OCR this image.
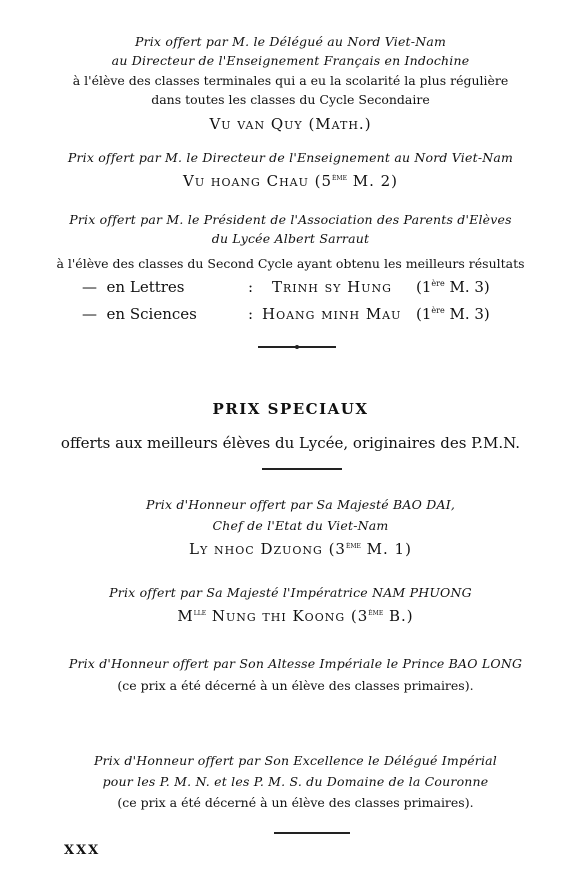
Prix offert par M. le Délégué au Nord Viet-Nam
au Directeur de l'Enseignement Français en Indochine
à l'élève des classes terminales qui a eu la scolarité la plus régulière
dans toutes les classes du Cycle Secondaire
Vu van Quy (Math.)
Prix offert par M. le Directeur de l'Enseignement au Nord Viet-Nam
Vu hoang Chau (5ème M. 2)
Prix offert par M. le Président de l'Association des Parents d'Elèves
du Lycée Albert Sarraut
à l'élève des classes du Second Cycle ayant obtenu les meilleurs résultats
— en Lettres	: Trinh sy Hung (1ère M. 3)
— en Sciences	: Hoang minh Mau (1ère M. 3)
PRIX SPECIAUX
offerts aux meilleurs élèves du Lycée, originaires des P.M.N.
Prix d'Honneur offert par Sa Majesté BAO DAI,
Chef de l'Etat du Viet-Nam
Ly nhoc Dzuong (3ème M. 1)
Prix offert par Sa Majesté l'Impératrice NAM PHUONG
$M^{lle}$ Nung thi Koong (3ème B.)
Prix d'Honneur offert par Son Altesse Impériale le Prince BAO LONG
(ce prix a été décerné à un élève des classes primaires).
Prix d'Honneur offert par Son Excellence le Délégué Impérial
pour les P. M. N. et les P. M. S. du Domaine de la Couronne
(ce prix a été décerné à un élève des classes primaires).
XXX
